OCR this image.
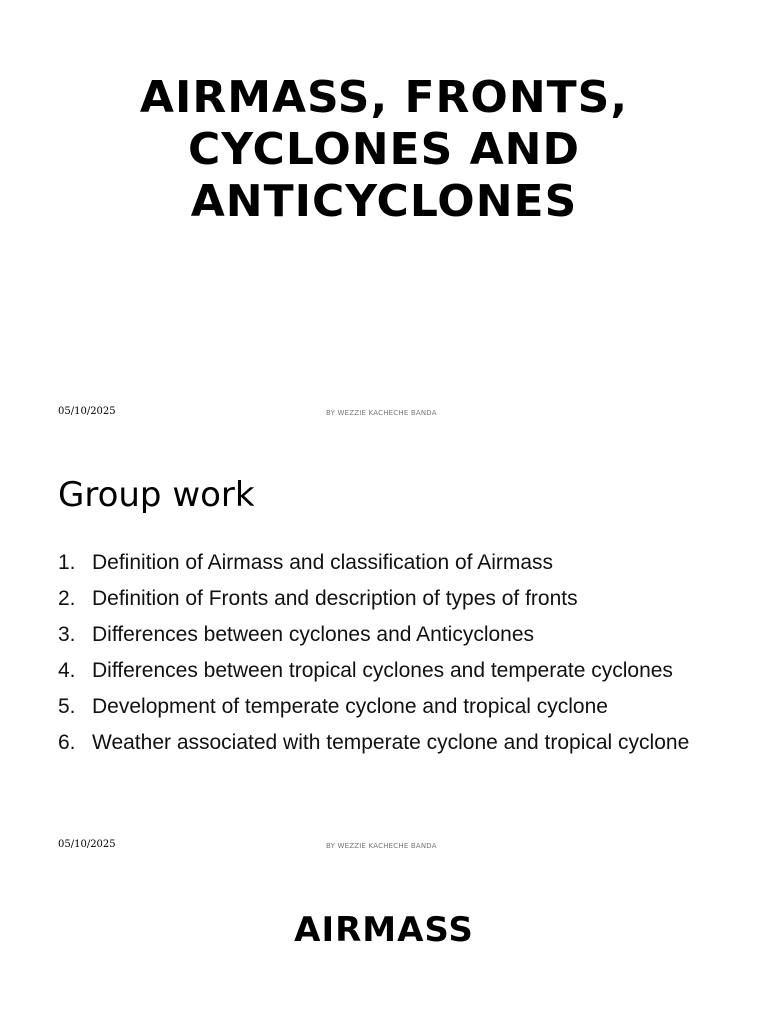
AIRMASS, FRONTS,
CYCLONES AND
ANTICYCLONES
05/10/2025	BY WEZZIE KACHECHE BANDA
Group work
1. Definition of Airmass and classification of Airmass
2. Definition of Fronts and description of types of fronts
3. Differences between cyclones and Anticyclones
4. Differences between tropical cyclones and temperate cyclones
5. Development of temperate cyclone and tropical cyclone
6. Weather associated with temperate cyclone and tropical cyclone
05/10/2025	BY WEZZIE KACHECHE BANDA
AIRMASS
